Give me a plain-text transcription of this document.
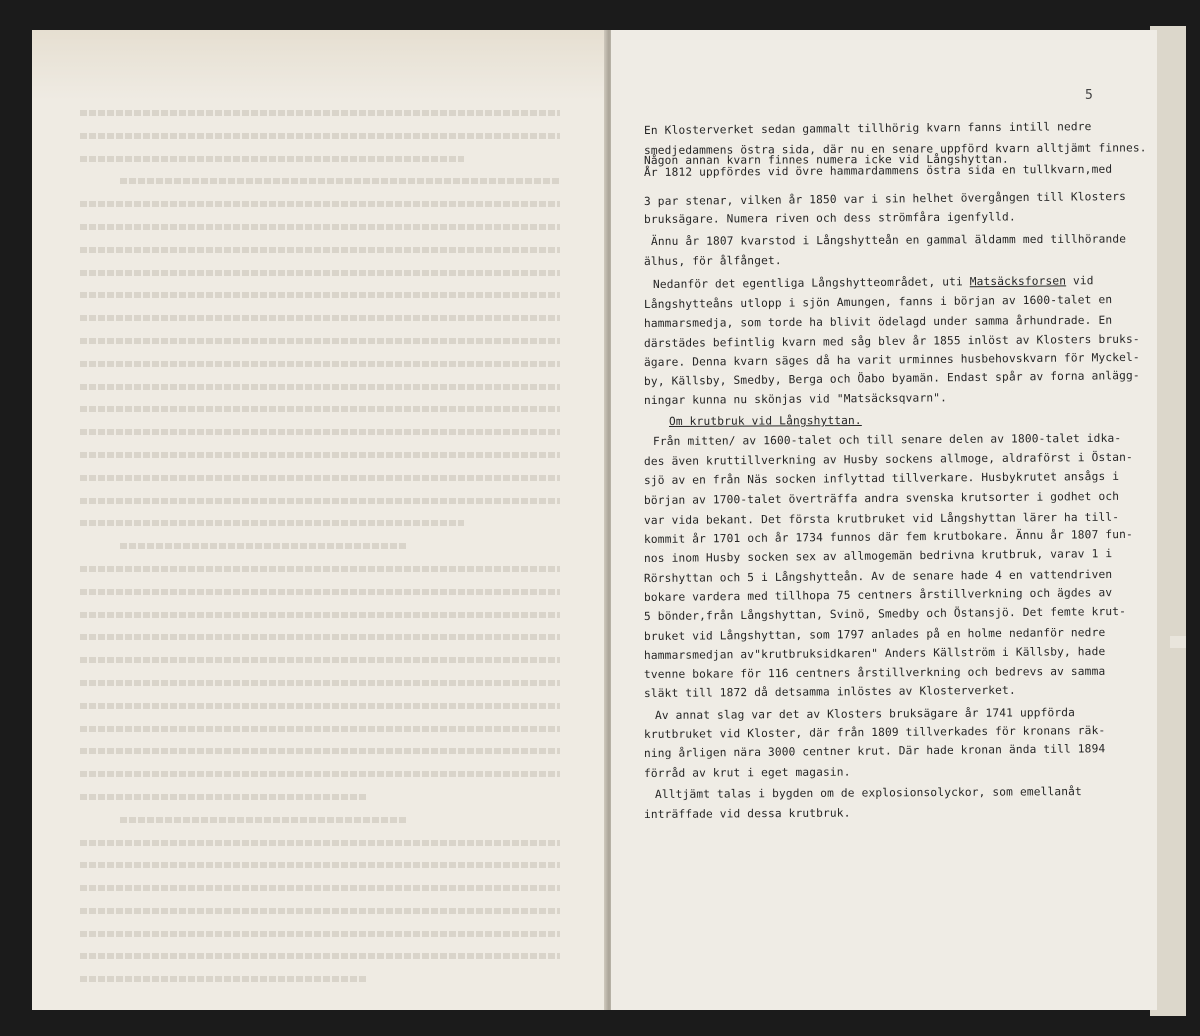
5
En Klosterverket sedan gammalt tillhörig kvarn fanns intill nedre
smedjedammens östra sida, där nu en senare uppförd kvarn alltjämt finnes.
Någon annan kvarn finnes numera icke vid Långshyttan.
År 1812 uppfördes vid övre hammardammens östra sida en tullkvarn,med
3 par stenar, vilken år 1850 var i sin helhet övergången till Klosters
bruksägare. Numera riven och dess strömfåra igenfylld.
Ännu år 1807 kvarstod i Långshytteån en gammal äldamm med tillhörande
älhus, för ålfånget.
Nedanför det egentliga Långshytteområdet, uti Matsäcksforsen vid
Långshytteåns utlopp i sjön Amungen, fanns i början av 1600-talet en
hammarsmedja, som torde ha blivit ödelagd under samma århundrade. En
därstädes befintlig kvarn med såg blev år 1855 inlöst av Klosters bruks-
ägare. Denna kvarn säges då ha varit urminnes husbehovskvarn för Myckel-
by, Källsby, Smedby, Berga och Öabo byamän. Endast spår av forna anlägg-
ningar kunna nu skönjas vid "Matsäcksqvarn".
Om krutbruk vid Långshyttan.
Från mitten/ av 1600-talet och till senare delen av 1800-talet idka-
des även kruttillverkning av Husby sockens allmoge, aldraförst i Östan-
sjö av en från Näs socken inflyttad tillverkare. Husbykrutet ansågs i
början av 1700-talet överträffa andra svenska krutsorter i godhet och
var vida bekant. Det första krutbruket vid Långshyttan lärer ha till-
kommit år 1701 och år 1734 funnos där fem krutbokare. Ännu år 1807 fun-
nos inom Husby socken sex av allmogemän bedrivna krutbruk, varav 1 i
Rörshyttan och 5 i Långshytteån. Av de senare hade 4 en vattendriven
bokare vardera med tillhopa 75 centners årstillverkning och ägdes av
5 bönder,från Långshyttan, Svinö, Smedby och Östansjö. Det femte krut-
bruket vid Långshyttan, som 1797 anlades på en holme nedanför nedre
hammarsmedjan av"krutbruksidkaren" Anders Källström i Källsby, hade
tvenne bokare för 116 centners årstillverkning och bedrevs av samma
släkt till 1872 då detsamma inlöstes av Klosterverket.
Av annat slag var det av Klosters bruksägare år 1741 uppförda
krutbruket vid Kloster, där från 1809 tillverkades för kronans räk-
ning årligen nära 3000 centner krut. Där hade kronan ända till 1894
förråd av krut i eget magasin.
Alltjämt talas i bygden om de explosionsolyckor, som emellanåt
inträffade vid dessa krutbruk.
